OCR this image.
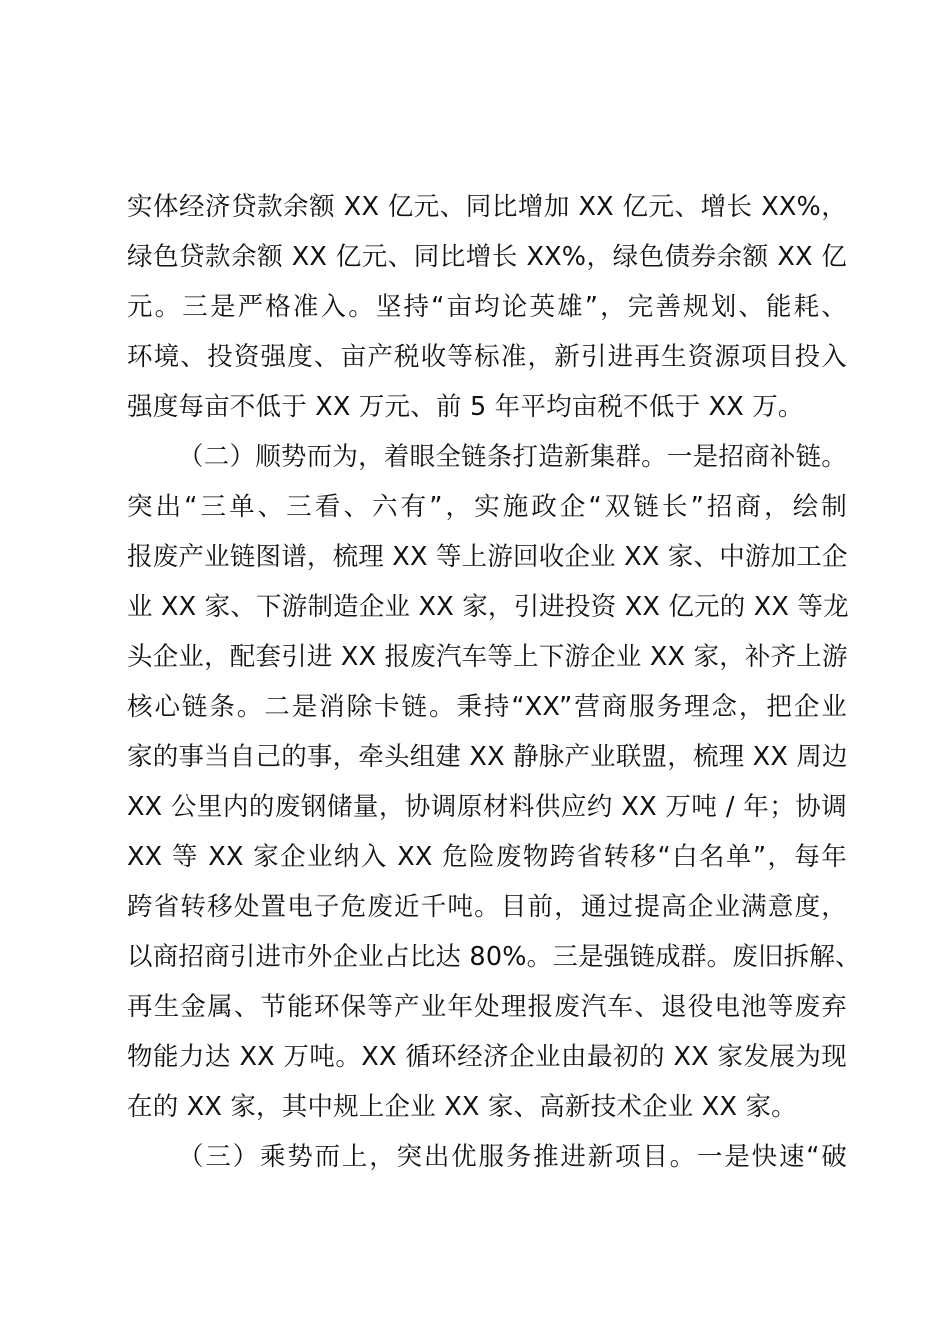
实体经济贷款余额 XX 亿元、同比增加 XX 亿元、增长 XX%，
绿色贷款余额 XX 亿元、同比增长 XX%，绿色债券余额 XX 亿
元。三是严格准入。坚持“亩均论英雄”，完善规划、能耗、
环境、投资强度、亩产税收等标准，新引进再生资源项目投入
强度每亩不低于 XX 万元、前 5 年平均亩税不低于 XX 万。
（二）顺势而为，着眼全链条打造新集群。一是招商补链。
突出“三单、三看、六有”，实施政企“双链长”招商，绘制
报废产业链图谱，梳理 XX 等上游回收企业 XX 家、中游加工企
业 XX 家、下游制造企业 XX 家，引进投资 XX 亿元的 XX 等龙
头企业，配套引进 XX 报废汽车等上下游企业 XX 家，补齐上游
核心链条。二是消除卡链。秉持“XX”营商服务理念，把企业
家的事当自己的事，牵头组建 XX 静脉产业联盟，梳理 XX 周边
XX 公里内的废钢储量，协调原材料供应约 XX 万吨 / 年；协调
XX 等 XX 家企业纳入 XX 危险废物跨省转移“白名单”，每年
跨省转移处置电子危废近千吨。目前，通过提高企业满意度，
以商招商引进市外企业占比达 80%。三是强链成群。废旧拆解、
再生金属、节能环保等产业年处理报废汽车、退役电池等废弃
物能力达 XX 万吨。XX 循环经济企业由最初的 XX 家发展为现
在的 XX 家，其中规上企业 XX 家、高新技术企业 XX 家。
（三）乘势而上，突出优服务推进新项目。一是快速“破
